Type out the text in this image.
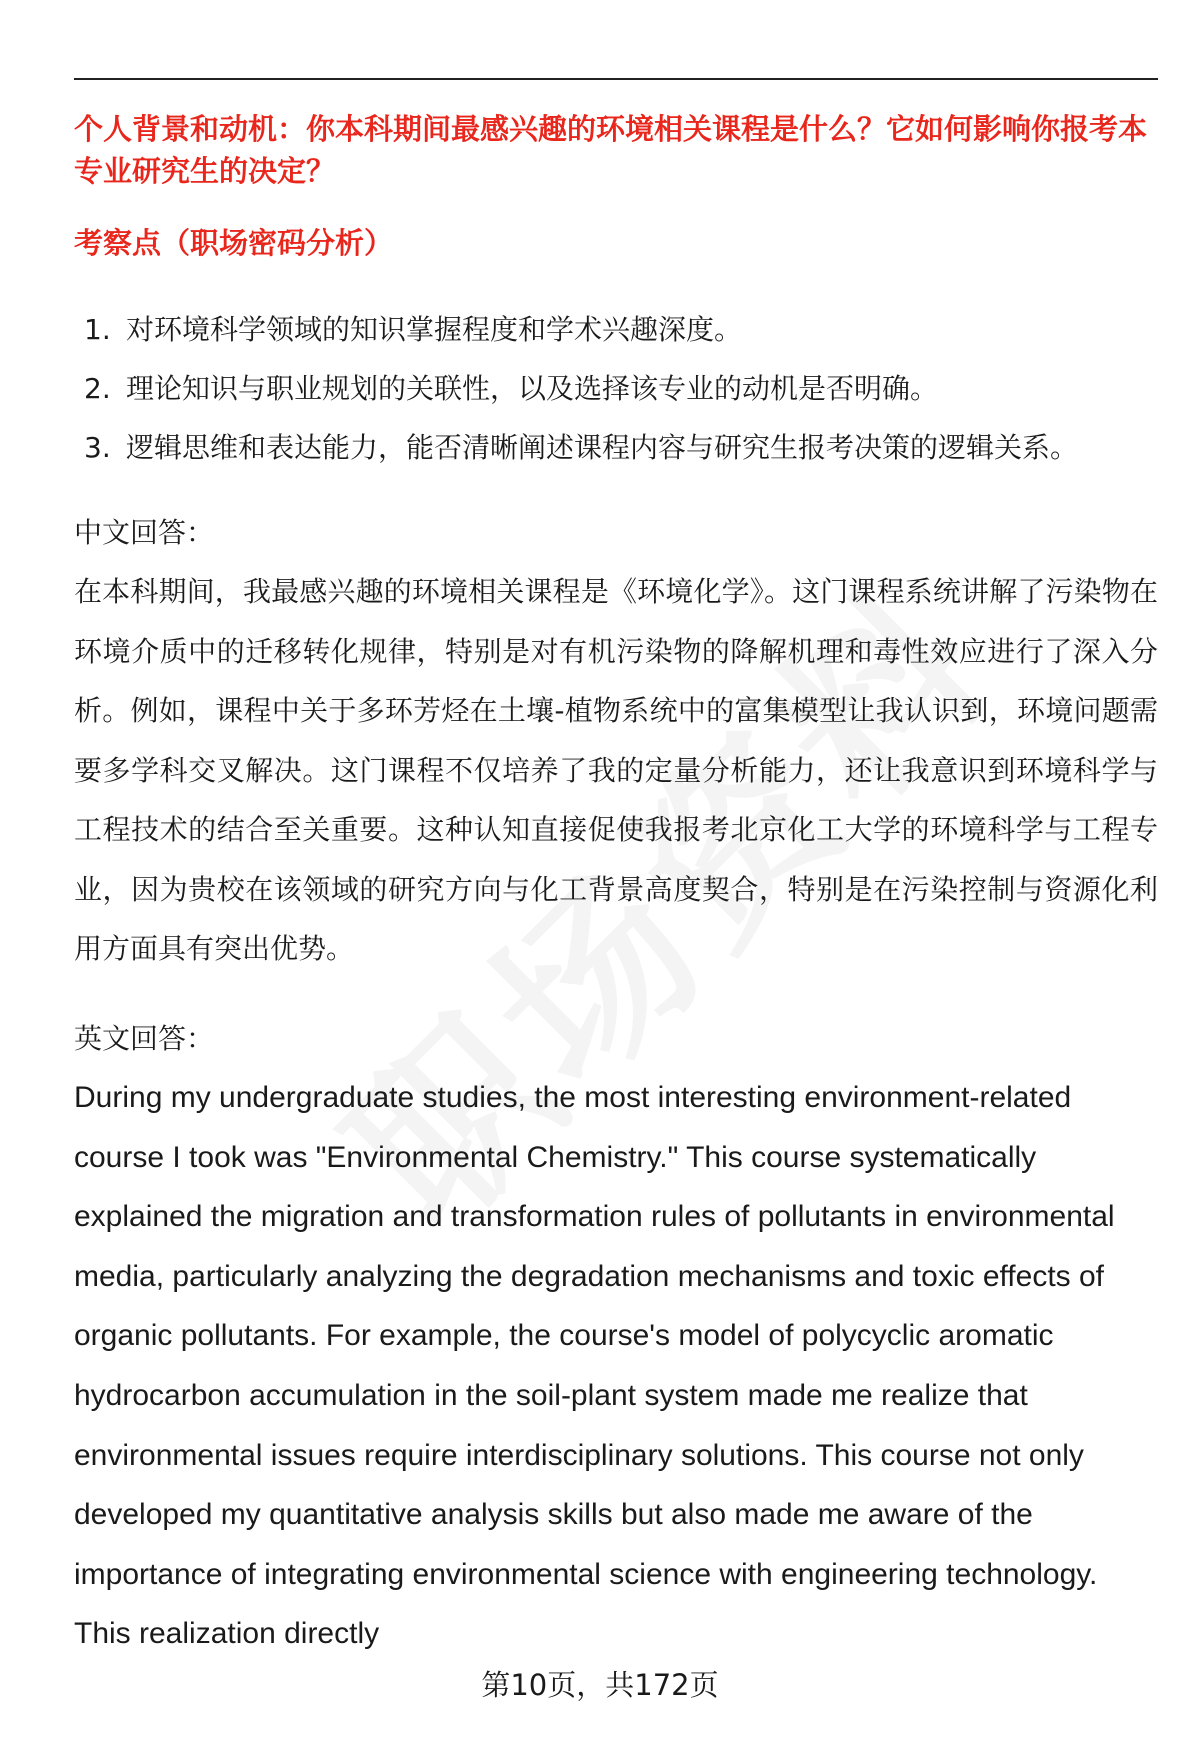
个人背景和动机：你本科期间最感兴趣的环境相关课程是什么？它如何影响你报考本专业研究生的决定？

考察点（职场密码分析）

1. 对环境科学领域的知识掌握程度和学术兴趣深度。
2. 理论知识与职业规划的关联性，以及选择该专业的动机是否明确。
3. 逻辑思维和表达能力，能否清晰阐述课程内容与研究生报考决策的逻辑关系。

中文回答：

在本科期间，我最感兴趣的环境相关课程是《环境化学》。这门课程系统讲解了污染物在环境介质中的迁移转化规律，特别是对有机污染物的降解机理和毒性效应进行了深入分析。例如，课程中关于多环芳烃在土壤-植物系统中的富集模型让我认识到，环境问题需要多学科交叉解决。这门课程不仅培养了我的定量分析能力，还让我意识到环境科学与工程技术的结合至关重要。这种认知直接促使我报考北京化工大学的环境科学与工程专业，因为贵校在该领域的研究方向与化工背景高度契合，特别是在污染控制与资源化利用方面具有突出优势。

英文回答：

During my undergraduate studies, the most interesting environment-related course I took was "Environmental Chemistry." This course systematically explained the migration and transformation rules of pollutants in environmental media, particularly analyzing the degradation mechanisms and toxic effects of organic pollutants. For example, the course's model of polycyclic aromatic hydrocarbon accumulation in the soil-plant system made me realize that environmental issues require interdisciplinary solutions. This course not only developed my quantitative analysis skills but also made me aware of the importance of integrating environmental science with engineering technology. This realization directly

第10页，共172页
